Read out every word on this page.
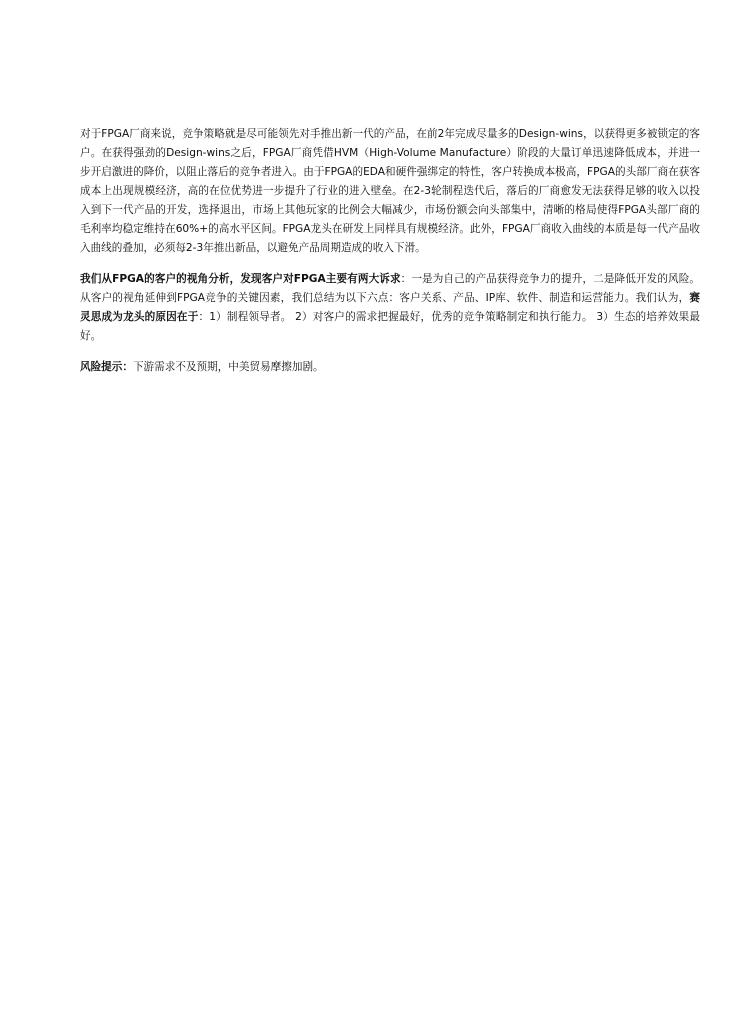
对于FPGA厂商来说，竞争策略就是尽可能领先对手推出新一代的产品，在前2年完成尽量多的Design-wins，以获得更多被锁定的客户。在获得强劲的Design-wins之后，FPGA厂商凭借HVM（High-Volume Manufacture）阶段的大量订单迅速降低成本，并进一步开启激进的降价，以阻止落后的竞争者进入。由于FPGA的EDA和硬件强绑定的特性，客户转换成本极高，FPGA的头部厂商在获客成本上出现规模经济，高的在位优势进一步提升了行业的进入壁垒。在2-3轮制程迭代后，落后的厂商愈发无法获得足够的收入以投入到下一代产品的开发，选择退出，市场上其他玩家的比例会大幅减少，市场份额会向头部集中，清晰的格局使得FPGA头部厂商的毛利率均稳定维持在60%+的高水平区间。FPGA龙头在研发上同样具有规模经济。此外，FPGA厂商收入曲线的本质是每一代产品收入曲线的叠加，必须每2-3年推出新品，以避免产品周期造成的收入下滑。

我们从FPGA的客户的视角分析，发现客户对FPGA主要有两大诉求：一是为自己的产品获得竞争力的提升，二是降低开发的风险。从客户的视角延伸到FPGA竞争的关键因素，我们总结为以下六点：客户关系、产品、IP库、软件、制造和运营能力。我们认为，赛灵思成为龙头的原因在于：1）制程领导者。 2）对客户的需求把握最好，优秀的竞争策略制定和执行能力。 3）生态的培养效果最好。

风险提示：下游需求不及预期，中美贸易摩擦加剧。
